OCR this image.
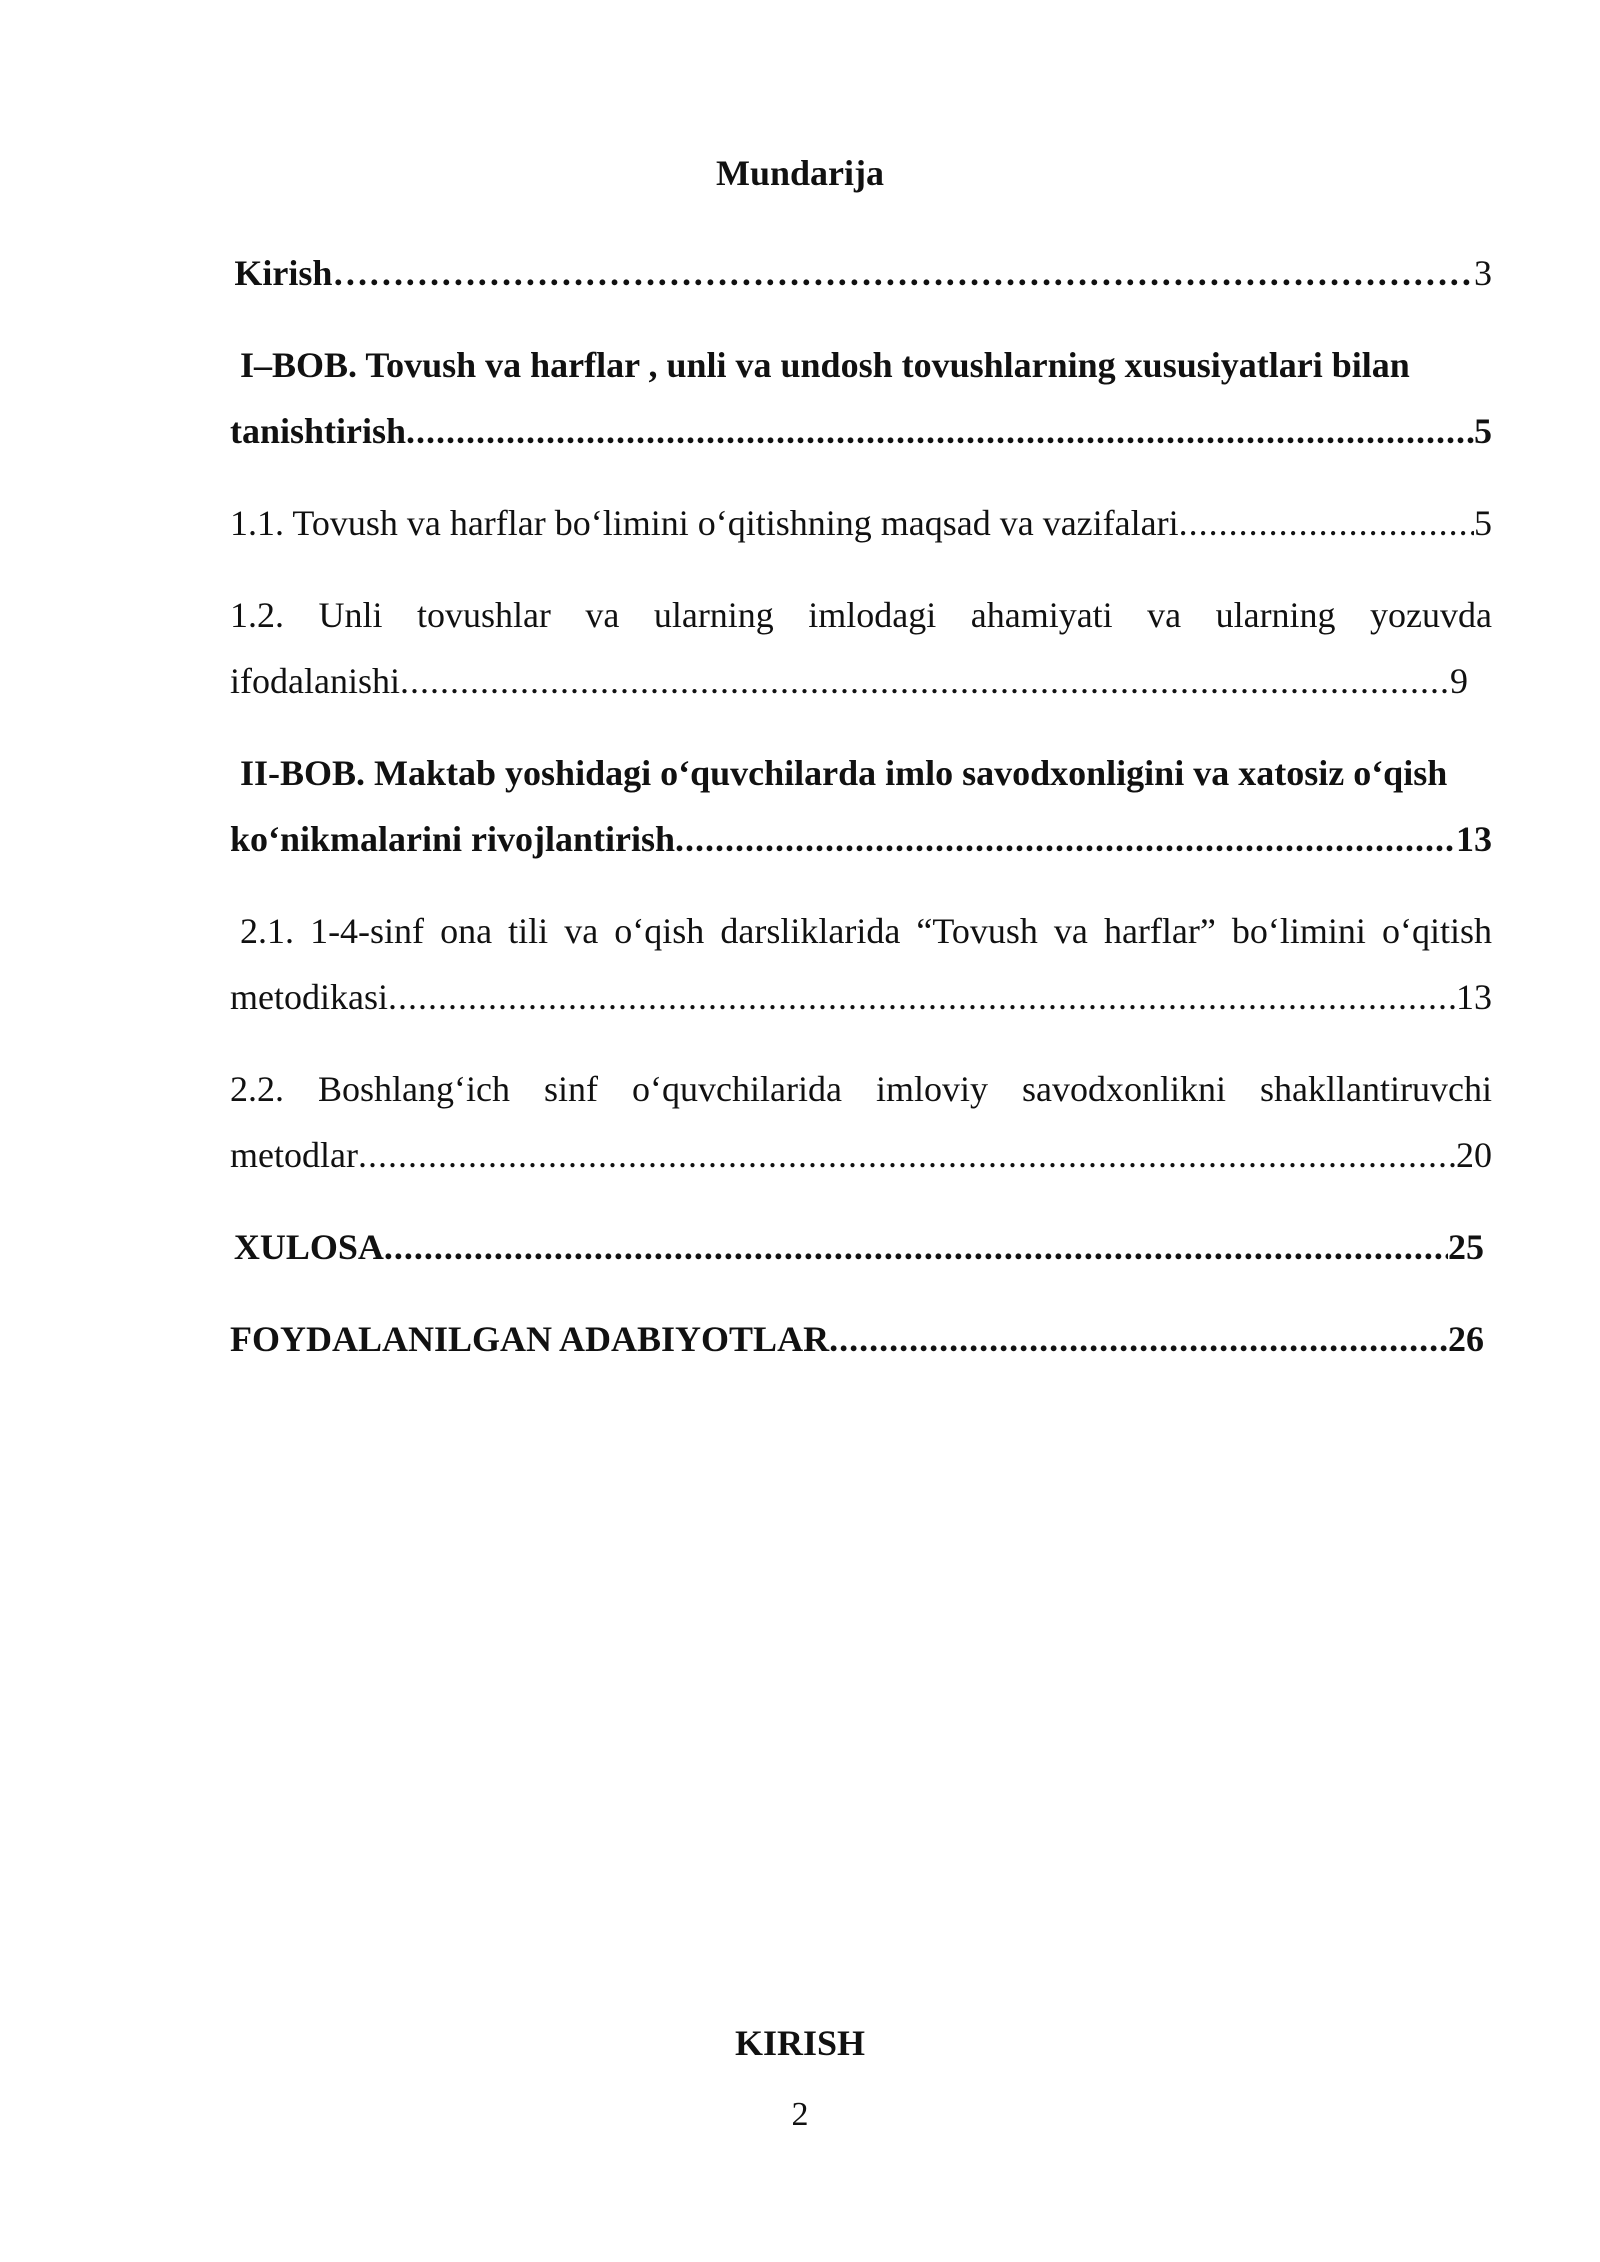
Mundarija
Kirish ………………………………………………………………………………………………………………………………………………………………………………………………	3
I–BOB. Tovush va harflar , unli va undosh tovushlarning xususiyatlari bilan
tanishtirish .....	5
1.1. Tovush va harflar bo‘limini o‘qitishning maqsad va vazifalari .....	5
1.2. Unli tovushlar va ularning imlodagi ahamiyati va ularning yozuvda
ifodalanishi .....	9
II-BOB. Maktab yoshidagi o‘quvchilarda imlo savodxonligini va xatosiz o‘qish
ko‘nikmalarini rivojlantirish .....	13
2.1. 1-4-sinf ona tili va o‘qish darsliklarida “Tovush va harflar” bo‘limini o‘qitish
metodikasi .....	13
2.2. Boshlang‘ich sinf o‘quvchilarida imloviy savodxonlikni shakllantiruvchi
metodlar .....	20
XULOSA .....	25
FOYDALANILGAN ADABIYOTLAR .....	26
KIRISH
2
